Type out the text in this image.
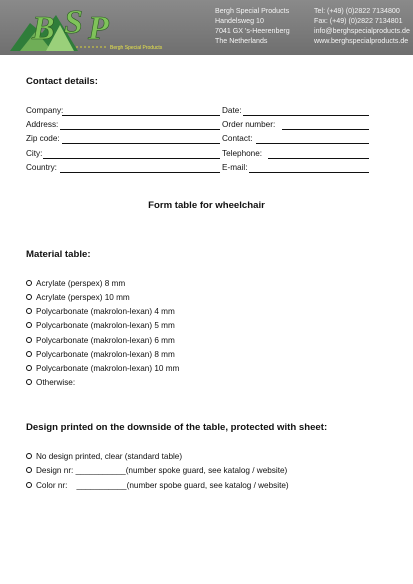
B S P
Bergh Special Products
Bergh Special Products
Handelsweg 10
7041 GX 's-Heerenberg
The Netherlands
Tel: (+49) (0)2822 7134800
Fax: (+49) (0)2822 7134801
info@berghspecialproducts.de
www.berghspecialproducts.de
Contact details:
Company:
Address:
Zip code:
City:
Country:
Date:
Order number:
Contact:
Telephone:
E-mail:
Form table for wheelchair
Material table:
Acrylate (perspex) 8 mm
Acrylate (perspex) 10 mm
Polycarbonate (makrolon-lexan) 4 mm
Polycarbonate (makrolon-lexan) 5 mm
Polycarbonate (makrolon-lexan) 6 mm
Polycarbonate (makrolon-lexan) 8 mm
Polycarbonate (makrolon-lexan) 10 mm
Otherwise:
Design printed on the downside of the table, protected with sheet:
No design printed, clear (standard table)
Design nr: ___________(number spoke guard, see katalog / website)
Color nr: ___________(number spobe guard, see katalog / website)
